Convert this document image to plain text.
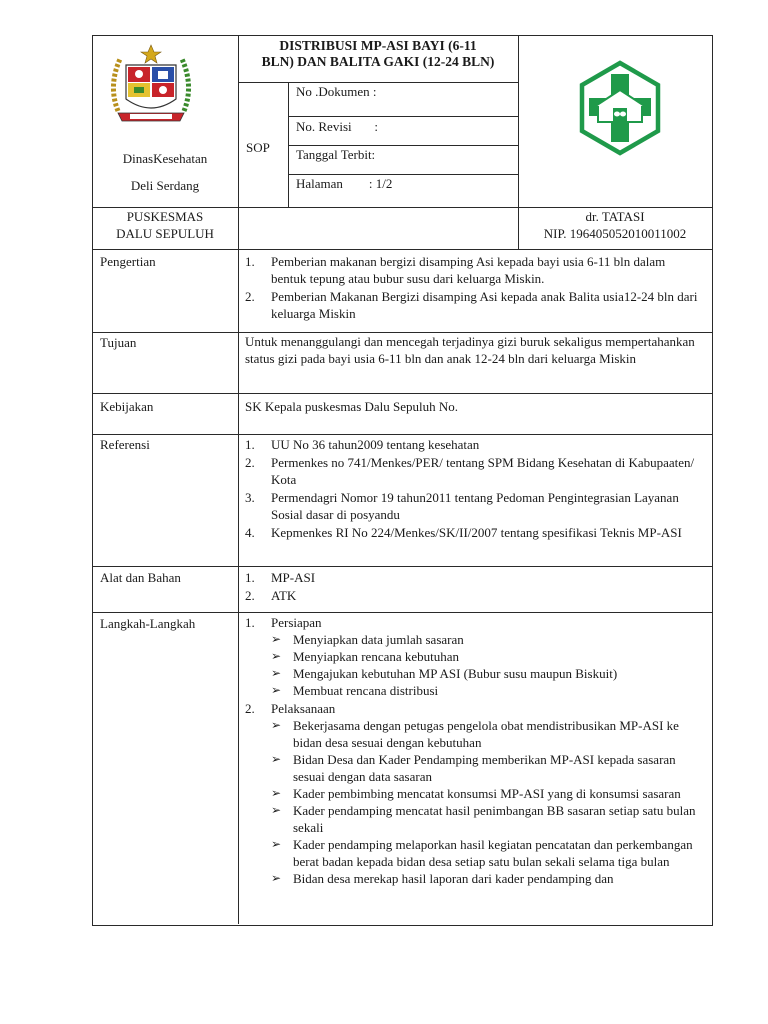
DinasKesehatan
Deli Serdang
DISTRIBUSI MP-ASI BAYI (6-11
BLN) DAN BALITA GAKI (12-24 BLN)
SOP
No .Dokumen :
No. Revisi       :
Tanggal Terbit:
Halaman        : 1/2
PUSKESMAS
DALU SEPULUH
dr. TATASI
NIP. 196405052010011002
Pengertian
Tujuan
Kebijakan
Referensi
Alat dan Bahan
Langkah-Langkah
1. Pemberian makanan bergizi disamping Asi kepada bayi usia 6-11 bln dalam bentuk tepung atau bubur susu dari keluarga Miskin.
2. Pemberian Makanan Bergizi disamping Asi kepada anak Balita usia12-24 bln dari keluarga Miskin
Untuk menanggulangi dan mencegah terjadinya gizi buruk sekaligus mempertahankan status gizi pada bayi usia 6-11 bln dan anak 12-24 bln dari keluarga Miskin
SK Kepala puskesmas Dalu Sepuluh No.
1. UU No 36 tahun2009 tentang kesehatan
2. Permenkes no 741/Menkes/PER/ tentang SPM Bidang Kesehatan di Kabupaaten/ Kota
3. Permendagri Nomor 19 tahun2011 tentang Pedoman Pengintegrasian Layanan Sosial dasar di posyandu
4. Kepmenkes RI No 224/Menkes/SK/II/2007 tentang spesifikasi Teknis MP-ASI
1. MP-ASI
2. ATK
1. Persiapan
➢ Menyiapkan data jumlah sasaran
➢ Menyiapkan rencana kebutuhan
➢ Mengajukan kebutuhan MP ASI (Bubur susu maupun Biskuit)
➢ Membuat rencana distribusi
2. Pelaksanaan
➢ Bekerjasama dengan petugas pengelola obat mendistribusikan MP-ASI ke bidan desa sesuai dengan kebutuhan
➢ Bidan Desa dan Kader Pendamping memberikan MP-ASI kepada sasaran sesuai dengan data sasaran
➢ Kader pembimbing mencatat konsumsi MP-ASI yang di konsumsi sasaran
➢ Kader pendamping mencatat hasil penimbangan BB sasaran setiap satu bulan sekali
➢ Kader pendamping melaporkan hasil kegiatan pencatatan dan perkembangan berat badan kepada bidan desa setiap satu bulan sekali selama tiga bulan
➢ Bidan desa merekap hasil laporan dari kader pendamping dan
